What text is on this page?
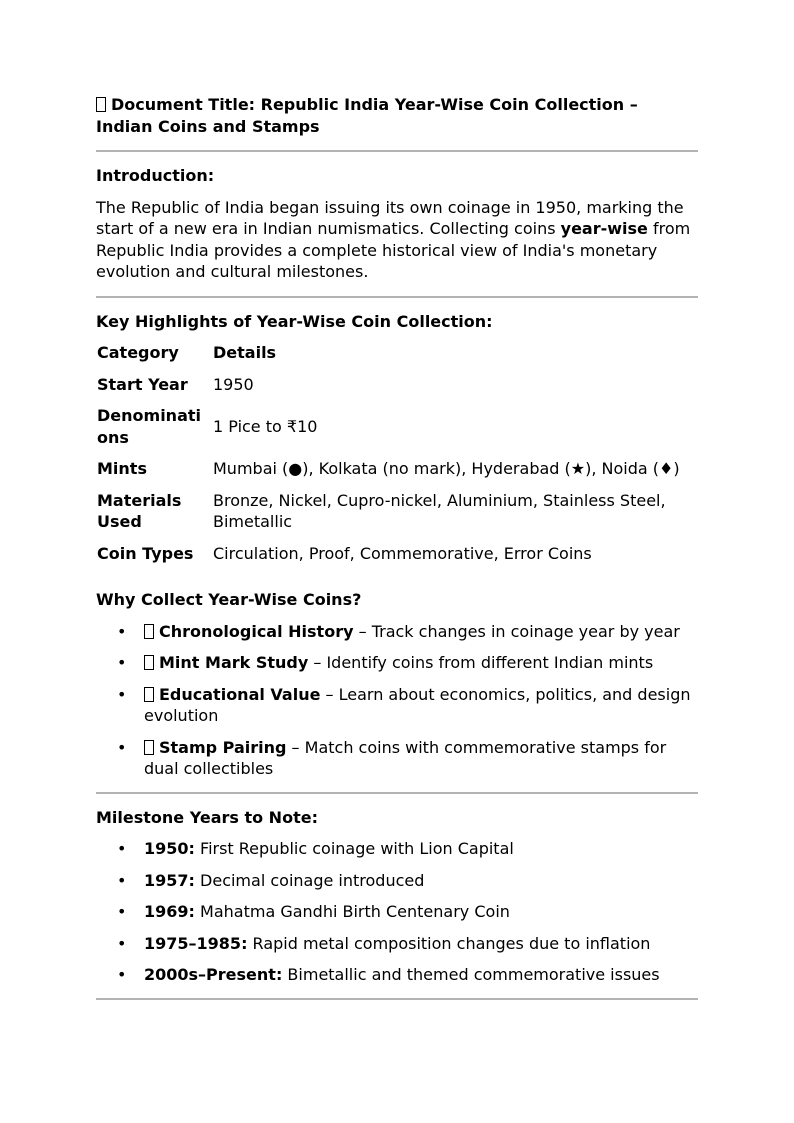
Document Title: Republic India Year-Wise Coin Collection –
Indian Coins and Stamps

Introduction:

The Republic of India began issuing its own coinage in 1950, marking the start of a new era in Indian numismatics. Collecting coins year-wise from Republic India provides a complete historical view of India's monetary evolution and cultural milestones.

Key Highlights of Year-Wise Coin Collection:
Category	Details
Start Year	1950
Denominati
ons	1 Pice to ₹10
Mints	Mumbai (●), Kolkata (no mark), Hyderabad (★), Noida (♦)
Materials
Used	Bronze, Nickel, Cupro-nickel, Aluminium, Stainless Steel, Bimetallic
Coin Types	Circulation, Proof, Commemorative, Error Coins
Why Collect Year-Wise Coins?
• Chronological History – Track changes in coinage year by year
• Mint Mark Study – Identify coins from different Indian mints
• Educational Value – Learn about economics, politics, and design evolution
• Stamp Pairing – Match coins with commemorative stamps for dual collectibles
Milestone Years to Note:
• 1950: First Republic coinage with Lion Capital
• 1957: Decimal coinage introduced
• 1969: Mahatma Gandhi Birth Centenary Coin
• 1975–1985: Rapid metal composition changes due to inflation
• 2000s–Present: Bimetallic and themed commemorative issues
